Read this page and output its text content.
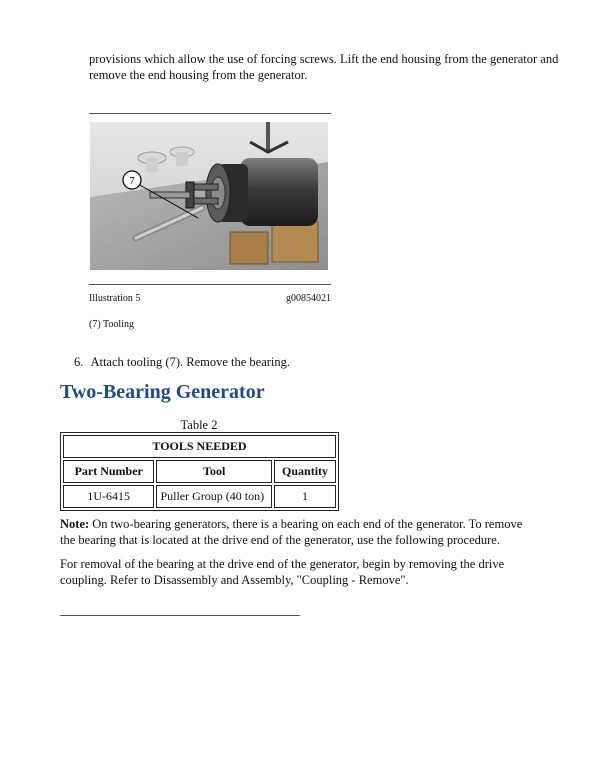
provisions which allow the use of forcing screws. Lift the end housing from the generator and remove the end housing from the generator.
7
Illustration 5	g00854021
(7) Tooling
6. Attach tooling (7). Remove the bearing.
Two-Bearing Generator
Table 2
TOOLS NEEDED		
Part Number	Tool	Quantity
1U-6415	Puller Group (40 ton)	1
Note: On two-bearing generators, there is a bearing on each end of the generator. To remove the bearing that is located at the drive end of the generator, use the following procedure.
For removal of the bearing at the drive end of the generator, begin by removing the drive coupling. Refer to Disassembly and Assembly, "Coupling - Remove".
